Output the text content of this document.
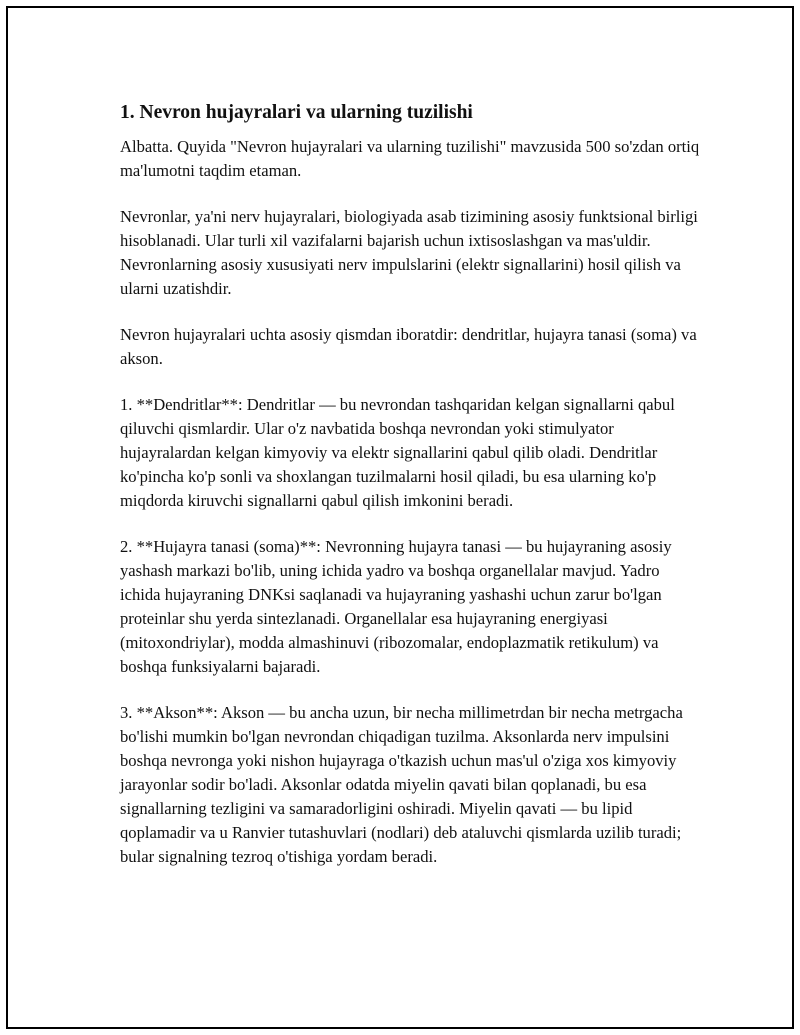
1. Nevron hujayralari va ularning tuzilishi

Albatta. Quyida "Nevron hujayralari va ularning tuzilishi" mavzusida 500 so'zdan ortiq ma'lumotni taqdim etaman.

Nevronlar, ya'ni nerv hujayralari, biologiyada asab tizimining asosiy funktsional birligi hisoblanadi. Ular turli xil vazifalarni bajarish uchun ixtisoslashgan va mas'uldir. Nevronlarning asosiy xususiyati nerv impulslarini (elektr signallarini) hosil qilish va ularni uzatishdir.

Nevron hujayralari uchta asosiy qismdan iboratdir: dendritlar, hujayra tanasi (soma) va akson.

1. **Dendritlar**: Dendritlar — bu nevrondan tashqaridan kelgan signallarni qabul qiluvchi qismlardir. Ular o'z navbatida boshqa nevrondan yoki stimulyator hujayralardan kelgan kimyoviy va elektr signallarini qabul qilib oladi. Dendritlar ko'pincha ko'p sonli va shoxlangan tuzilmalarni hosil qiladi, bu esa ularning ko'p miqdorda kiruvchi signallarni qabul qilish imkonini beradi.

2. **Hujayra tanasi (soma)**: Nevronning hujayra tanasi — bu hujayraning asosiy yashash markazi bo'lib, uning ichida yadro va boshqa organellalar mavjud. Yadro ichida hujayraning DNKsi saqlanadi va hujayraning yashashi uchun zarur bo'lgan proteinlar shu yerda sintezlanadi. Organellalar esa hujayraning energiyasi (mitoxondriylar), modda almashinuvi (ribozomalar, endoplazmatik retikulum) va boshqa funksiyalarni bajaradi.

3. **Akson**: Akson — bu ancha uzun, bir necha millimetrdan bir necha metrgacha bo'lishi mumkin bo'lgan nevrondan chiqadigan tuzilma. Aksonlarda nerv impulsini boshqa nevronga yoki nishon hujayraga o'tkazish uchun mas'ul o'ziga xos kimyoviy jarayonlar sodir bo'ladi. Aksonlar odatda miyelin qavati bilan qoplanadi, bu esa signallarning tezligini va samaradorligini oshiradi. Miyelin qavati — bu lipid qoplamadir va u Ranvier tutashuvlari (nodlari) deb ataluvchi qismlarda uzilib turadi; bular signalning tezroq o'tishiga yordam beradi.
